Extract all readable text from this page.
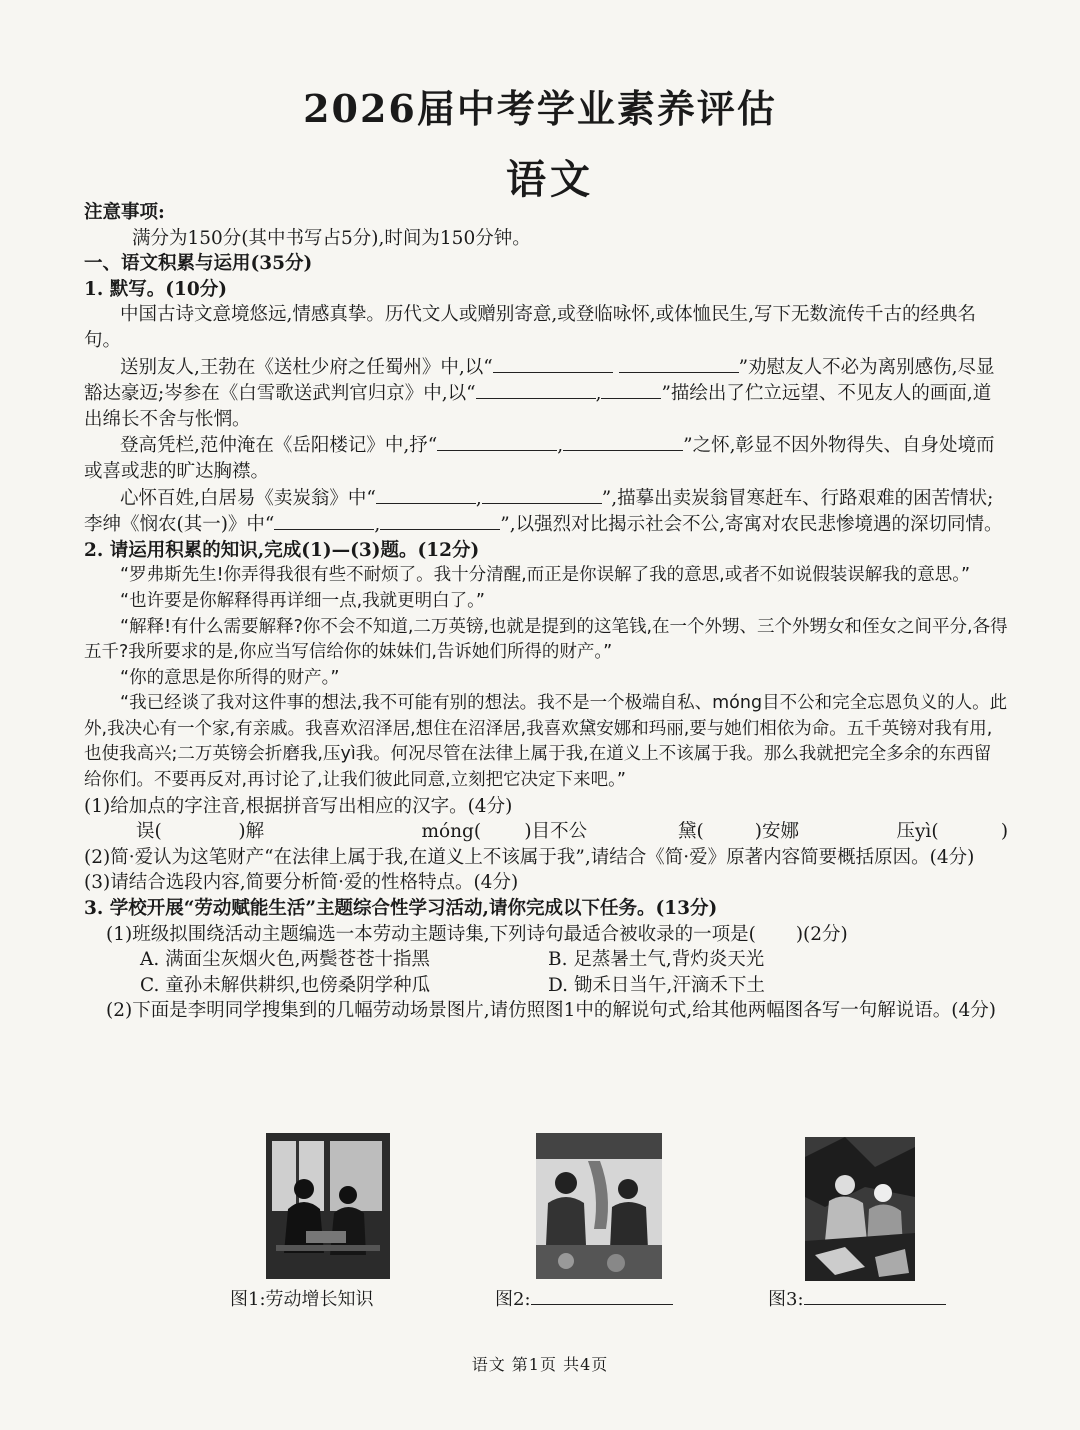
2026届中考学业素养评估
语文

注意事项:

满分为150分(其中书写占5分),时间为150分钟。

一、语文积累与运用(35分)

1. 默写。(10分)

中国古诗文意境悠远,情感真挚。历代文人或赠别寄意,或登临咏怀,或体恤民生,写下无数流传千古的经典名句。

送别友人,王勃在《送杜少府之任蜀州》中,以“	”劝慰友人不必为离别感伤,尽显豁达豪迈;岑参在《白雪歌送武判官归京》中,以“	,	”描绘出了伫立远望、不见友人的画面,道出绵长不舍与怅惘。

登高凭栏,范仲淹在《岳阳楼记》中,抒“	,	”之怀,彰显不因外物得失、自身处境而或喜或悲的旷达胸襟。

心怀百姓,白居易《卖炭翁》中“	,	”,描摹出卖炭翁冒寒赶车、行路艰难的困苦情状;李绅《悯农(其一)》中“	,	”,以强烈对比揭示社会不公,寄寓对农民悲惨境遇的深切同情。

2. 请运用积累的知识,完成(1)—(3)题。(12分)

“罗弗斯先生!你弄得我很有些不耐烦了。我十分清醒,而正是你误解了我的意思,或者不如说假装误解我的意思。”

“也许要是你解释得再详细一点,我就更明白了。”

“解释!有什么需要解释?你不会不知道,二万英镑,也就是提到的这笔钱,在一个外甥、三个外甥女和侄女之间平分,各得五千?我所要求的是,你应当写信给你的妹妹们,告诉她们所得的财产。”

“你的意思是你所得的财产。”

“我已经谈了我对这件事的想法,我不可能有别的想法。我不是一个极端自私、móng目不公和完全忘恩负义的人。此外,我决心有一个家,有亲戚。我喜欢沼泽居,想住在沼泽居,我喜欢黛安娜和玛丽,要与她们相依为命。五千英镑对我有用,也使我高兴;二万英镑会折磨我,压yì我。何况尽管在法律上属于我,在道义上不该属于我。那么我就把完全多余的东西留给你们。不要再反对,再讨论了,让我们彼此同意,立刻把它决定下来吧。”

(1)给加点的字注音,根据拼音写出相应的汉字。(4分)

误(	)解	móng( )目不公	黛(	)安娜	压yì(	)

(2)简·爱认为这笔财产“在法律上属于我,在道义上不该属于我”,请结合《简·爱》原著内容简要概括原因。(4分)

(3)请结合选段内容,简要分析简·爱的性格特点。(4分)

3. 学校开展“劳动赋能生活”主题综合性学习活动,请你完成以下任务。(13分)

(1)班级拟围绕活动主题编选一本劳动主题诗集,下列诗句最适合被收录的一项是( )(2分)

A. 满面尘灰烟火色,两鬓苍苍十指黑	B. 足蒸暑土气,背灼炎天光
C. 童孙未解供耕织,也傍桑阴学种瓜	D. 锄禾日当午,汗滴禾下土

(2)下面是李明同学搜集到的几幅劳动场景图片,请仿照图1中的解说句式,给其他两幅图各写一句解说语。(4分)

图1:劳动增长知识	图2:	图3:
语文 第1页 共4页
